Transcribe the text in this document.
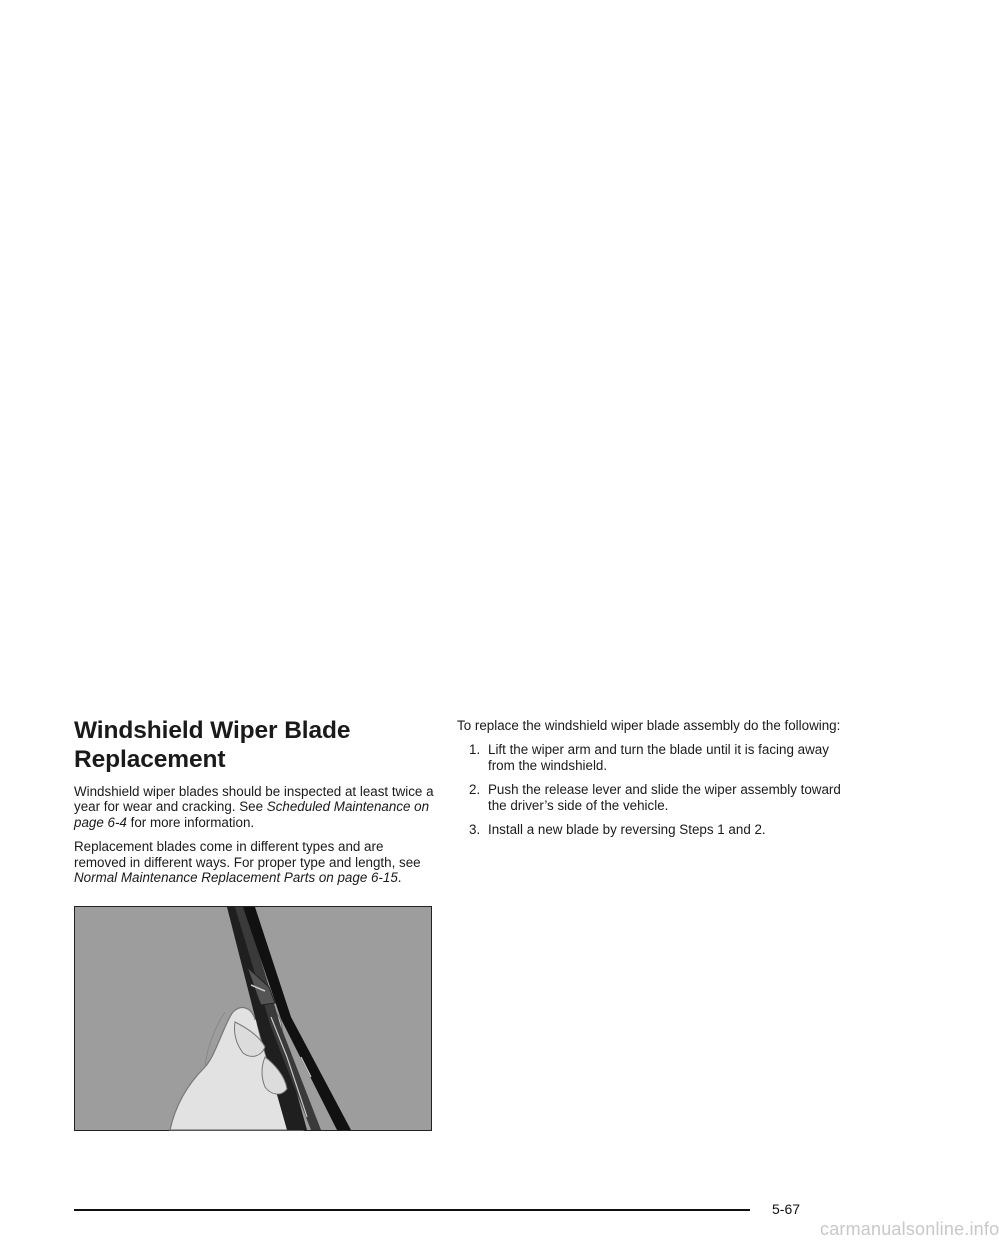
Windshield Wiper Blade Replacement

Windshield wiper blades should be inspected at least twice a year for wear and cracking. See Scheduled Maintenance on page 6-4 for more information.

Replacement blades come in different types and are removed in different ways. For proper type and length, see Normal Maintenance Replacement Parts on page 6-15.

To replace the windshield wiper blade assembly do the following:

1. Lift the wiper arm and turn the blade until it is facing away from the windshield.
2. Push the release lever and slide the wiper assembly toward the driver’s side of the vehicle.
3. Install a new blade by reversing Steps 1 and 2.
5-67
carmanualsonline.info
